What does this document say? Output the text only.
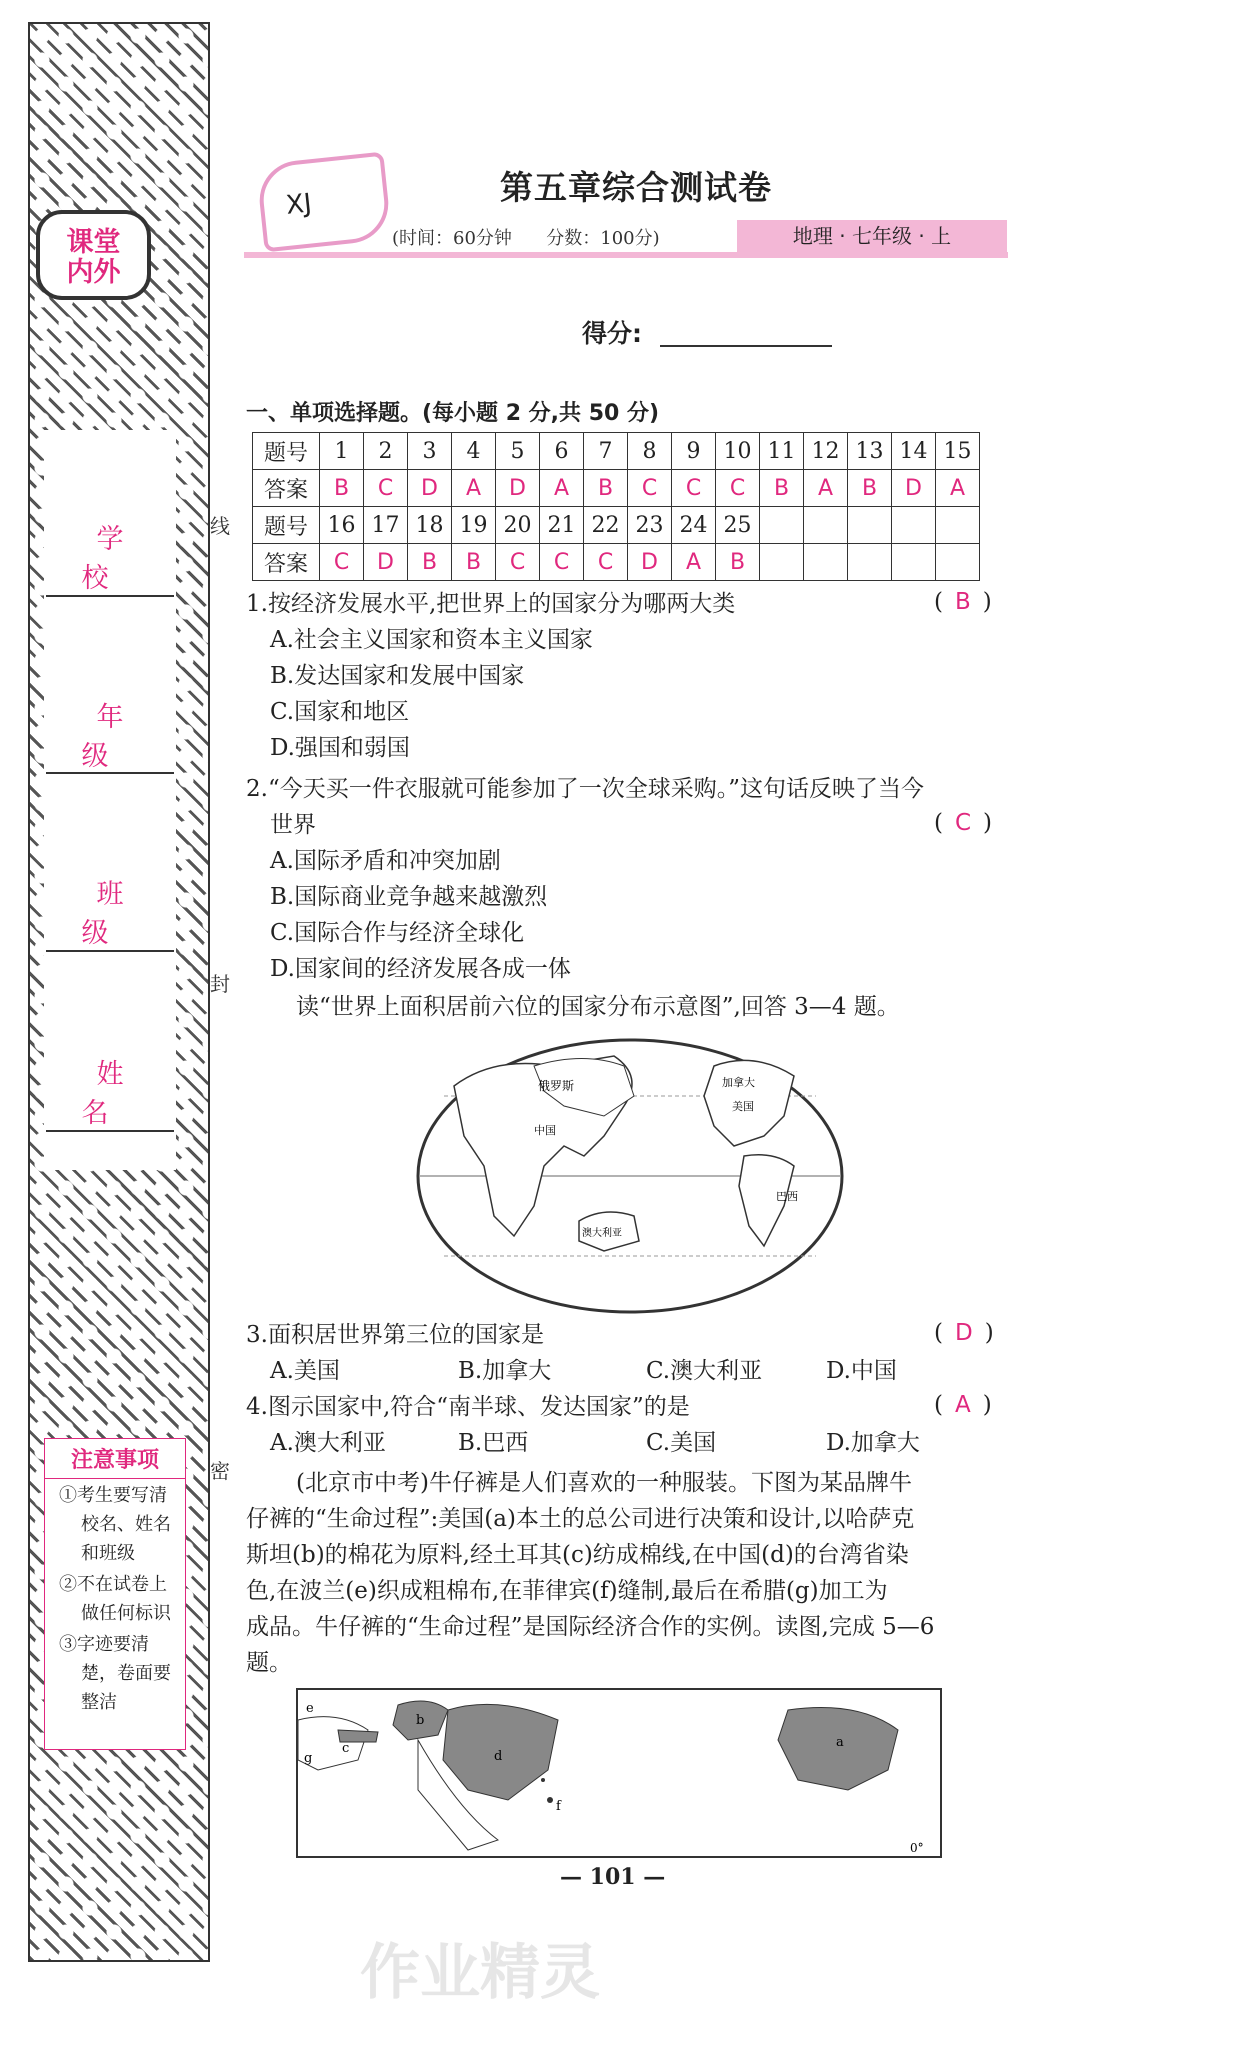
课堂
内外
学校
年级
班级
姓名
注意事项
①考生要写清校名、姓名和班级
②不在试卷上做任何标识
③字迹要清楚，卷面要整洁
线
封
密
XJ	第五章综合测试卷
(时间：60分钟 分数：100分)	地理 · 七年级 · 上
得分:
一、单项选择题。(每小题 2 分,共 50 分)
题号	1	2	3	4	5	6	7	8	9	10	11	12	13	14	15
答案	B	C	D	A	D	A	B	C	C	C	B	A	B	D	A
题号	16	17	18	19	20	21	22	23	24	25					
答案	C	D	B	B	C	C	C	D	A	B					
1.按经济发展水平,把世界上的国家分为哪两大类	( B )
A.社会主义国家和资本主义国家
B.发达国家和发展中国家
C.国家和地区
D.强国和弱国
2.“今天买一件衣服就可能参加了一次全球采购。”这句话反映了当今
世界	( C )
A.国际矛盾和冲突加剧
B.国际商业竞争越来越激烈
C.国际合作与经济全球化
D.国家间的经济发展各成一体
读“世界上面积居前六位的国家分布示意图”,回答 3—4 题。
俄罗斯	加拿大
美国
中国
巴西
澳大利亚
3.面积居世界第三位的国家是	( D )
A.美国	B.加拿大	C.澳大利亚	D.中国
4.图示国家中,符合“南半球、发达国家”的是	( A )
A.澳大利亚	B.巴西	C.美国	D.加拿大
(北京市中考)牛仔裤是人们喜欢的一种服装。下图为某品牌牛
仔裤的“生命过程”:美国(a)本土的总公司进行决策和设计,以哈萨克
斯坦(b)的棉花为原料,经土耳其(c)纺成棉线,在中国(d)的台湾省染
色,在波兰(e)织成粗棉布,在菲律宾(f)缝制,最后在希腊(g)加工为
成品。牛仔裤的“生命过程”是国际经济合作的实例。读图,完成 5—6
题。
e
b
c
g	d
f
a
0°
— 101 —
作业精灵
